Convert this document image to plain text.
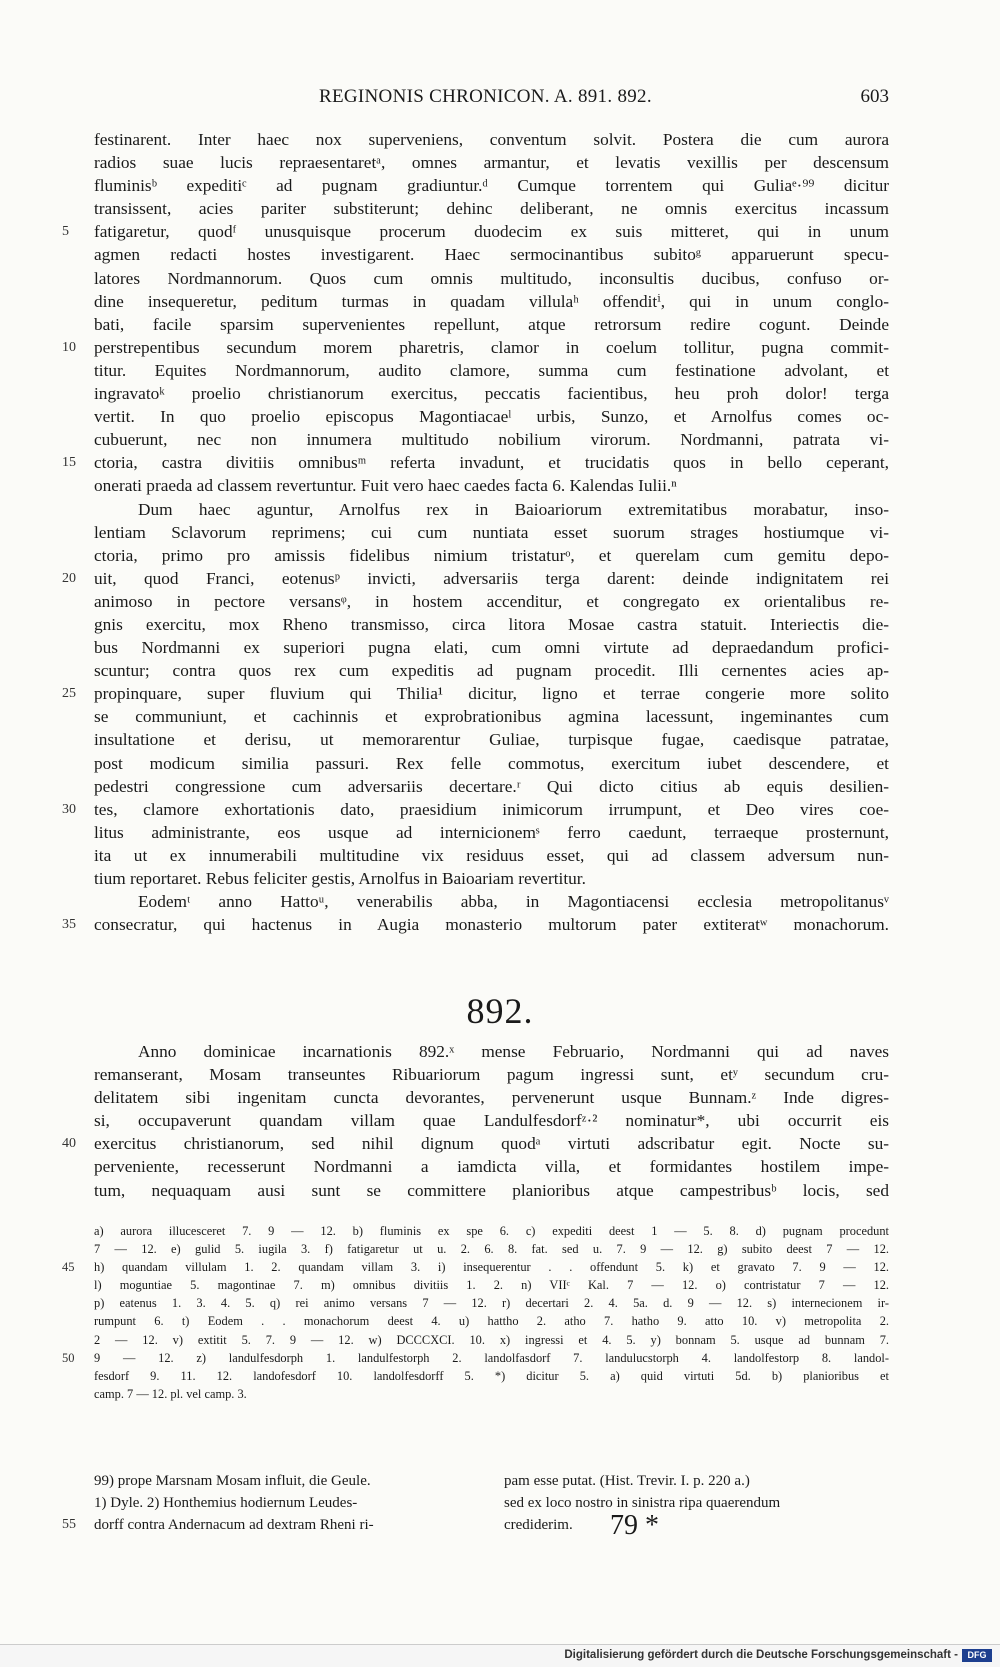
REGINONIS CHRONICON. A. 891. 892.	603
festinarent. Inter haec nox superveniens, conventum solvit. Postera die cum aurora
radios suae lucis repraesentaretᵃ, omnes armantur, et levatis vexillis per descensum
fluminisᵇ expeditiᶜ ad pugnam gradiuntur.ᵈ Cumque torrentem qui Guliaᵉ·⁹⁹ dicitur
transissent, acies pariter substiterunt; dehinc deliberant, ne omnis exercitus incassum
5 fatigaretur, quodᶠ unusquisque procerum duodecim ex suis mitteret, qui in unum
agmen redacti hostes investigarent. Haec sermocinantibus subitoᵍ apparuerunt specu-
latores Nordmannorum. Quos cum omnis multitudo, inconsultis ducibus, confuso or-
dine insequeretur, peditum turmas in quadam villulaʰ offenditⁱ, qui in unum conglo-
bati, facile sparsim supervenientes repellunt, atque retrorsum redire cogunt. Deinde
10 perstrepentibus secundum morem pharetris, clamor in coelum tollitur, pugna commit-
titur. Equites Nordmannorum, audito clamore, summa cum festinatione advolant, et
ingravatoᵏ proelio christianorum exercitus, peccatis facientibus, heu proh dolor! terga
vertit. In quo proelio episcopus Magontiacaeˡ urbis, Sunzo, et Arnolfus comes oc-
cubuerunt, nec non innumera multitudo nobilium virorum. Nordmanni, patrata vi-
15 ctoria, castra divitiis omnibusᵐ referta invadunt, et trucidatis quos in bello ceperant,
onerati praeda ad classem revertuntur. Fuit vero haec caedes facta 6. Kalendas Iulii.ⁿ
Dum haec aguntur, Arnolfus rex in Baioariorum extremitatibus morabatur, inso-
lentiam Sclavorum reprimens; cui cum nuntiata esset suorum strages hostiumque vi-
ctoria, primo pro amissis fidelibus nimium tristaturᵒ, et querelam cum gemitu depo-
20 uit, quod Franci, eotenusᵖ invicti, adversariis terga darent: deinde indignitatem rei
animoso in pectore versansᵠ, in hostem accenditur, et congregato ex orientalibus re-
gnis exercitu, mox Rheno transmisso, circa litora Mosae castra statuit. Interiectis die-
bus Nordmanni ex superiori pugna elati, cum omni virtute ad depraedandum profici-
scuntur; contra quos rex cum expeditis ad pugnam procedit. Illi cernentes acies ap-
25 propinquare, super fluvium qui Thilia¹ dicitur, ligno et terrae congerie more solito
se communiunt, et cachinnis et exprobrationibus agmina lacessunt, ingeminantes cum
insultatione et derisu, ut memorarentur Guliae, turpisque fugae, caedisque patratae,
post modicum similia passuri. Rex felle commotus, exercitum iubet descendere, et
pedestri congressione cum adversariis decertare.ʳ Qui dicto citius ab equis desilien-
30 tes, clamore exhortationis dato, praesidium inimicorum irrumpunt, et Deo vires coe-
litus administrante, eos usque ad internicionemˢ ferro caedunt, terraeque prosternunt,
ita ut ex innumerabili multitudine vix residuus esset, qui ad classem adversum nun-
tium reportaret. Rebus feliciter gestis, Arnolfus in Baioariam revertitur.
Eodemᵗ anno Hattoᵘ, venerabilis abba, in Magontiacensi ecclesia metropolitanusᵛ
35 consecratur, qui hactenus in Augia monasterio multorum pater extiteratʷ monachorum.
892.
Anno dominicae incarnationis 892.ˣ mense Februario, Nordmanni qui ad naves
remanserant, Mosam transeuntes Ribuariorum pagum ingressi sunt, etʸ secundum cru-
delitatem sibi ingenitam cuncta devorantes, pervenerunt usque Bunnam.ᶻ Inde digres-
si, occupaverunt quandam villam quae Landulfesdorfᶻ·² nominatur*, ubi occurrit eis
40 exercitus christianorum, sed nihil dignum quodᵃ virtuti adscribatur egit. Nocte su-
perveniente, recesserunt Nordmanni a iamdicta villa, et formidantes hostilem impe-
tum, nequaquam ausi sunt se committere planioribus atque campestribusᵇ locis, sed
a) aurora illucesceret 7. 9 — 12. b) fluminis ex spe 6. c) expediti deest 1 — 5. 8. d) pugnam procedunt
7 — 12. e) gulid 5. iugila 3. f) fatigaretur ut u. 2. 6. 8. fat. sed u. 7. 9 — 12. g) subito deest 7 — 12.
45 h) quandam villulam 1. 2. quandam villam 3. i) insequerentur . . offendunt 5. k) et gravato 7. 9 — 12.
l) moguntiae 5. magontinae 7. m) omnibus divitiis 1. 2. n) VIIᶜ Kal. 7 — 12. o) contristatur 7 — 12.
p) eatenus 1. 3. 4. 5. q) rei animo versans 7 — 12. r) decertari 2. 4. 5a. d. 9 — 12. s) internecionem ir-
rumpunt 6. t) Eodem . . monachorum deest 4. u) hattho 2. atho 7. hatho 9. atto 10. v) metropolita 2.
2 — 12. v) extitit 5. 7. 9 — 12. w) DCCCXCI. 10. x) ingressi et 4. 5. y) bonnam 5. usque ad bunnam 7.
50 9 — 12. z) landulfesdorph 1. landulfestorph 2. landolfasdorf 7. landulucstorph 4. landolfestorp 8. landol-
fesdorf 9. 11. 12. landofesdorf 10. landolfesdorff 5. *) dicitur 5. a) quid virtuti 5d. b) planioribus et
camp. 7 — 12. pl. vel camp. 3.
99) prope Marsnam Mosam influit, die Geule.
1) Dyle. 2) Honthemius hodiernum Leudes-
55 dorff contra Andernacum ad dextram Rheni ri-
pam esse putat. (Hist. Trevir. I. p. 220 a.)
sed ex loco nostro in sinistra ripa quaerendum
crediderim.	79 *
Digitalisierung gefördert durch die Deutsche Forschungsgemeinschaft -	DFG
